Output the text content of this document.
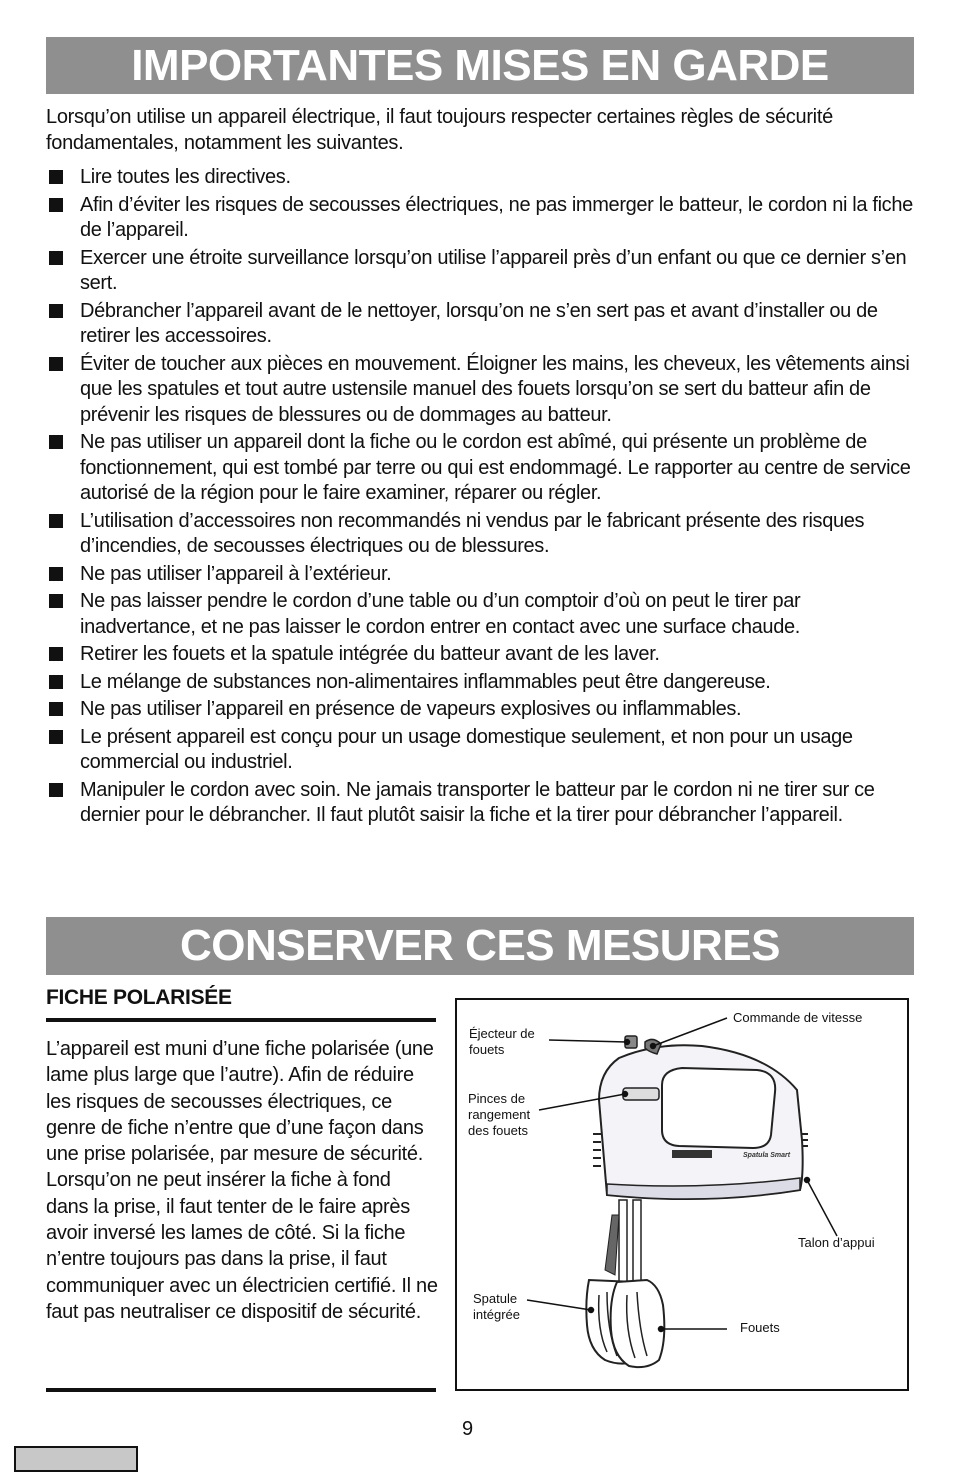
IMPORTANTES MISES EN GARDE
Lorsqu’on utilise un appareil électrique, il faut toujours respecter certaines règles de sécurité fondamentales, notamment les suivantes.
Lire toutes les directives.
Afin d’éviter les risques de secousses électriques, ne pas immerger le batteur, le cordon ni la fiche de l’appareil.
Exercer une étroite surveillance lorsqu’on utilise l’appareil près d’un enfant ou que ce dernier s’en sert.
Débrancher l’appareil avant de le nettoyer, lorsqu’on ne s’en sert pas et avant d’installer ou de retirer les accessoires.
Éviter de toucher aux pièces en mouvement. Éloigner les mains, les cheveux, les vêtements ainsi que les spatules et tout autre ustensile manuel des fouets lorsqu’on se sert du batteur afin de prévenir les risques de blessures ou de dommages au batteur.
Ne pas utiliser un appareil dont la fiche ou le cordon est abîmé, qui présente un problème de fonctionnement, qui est tombé par terre ou qui est endommagé. Le rapporter au centre de service autorisé de la région pour le faire examiner, réparer ou régler.
L’utilisation d’accessoires non recommandés ni vendus par le fabricant présente des risques d’incendies, de secousses électriques ou de blessures.
Ne pas utiliser l’appareil à l’extérieur.
Ne pas laisser pendre le cordon d’une table ou d’un comptoir d’où on peut le tirer par inadvertance, et ne pas laisser le cordon entrer en contact avec une surface chaude.
Retirer les fouets et la spatule intégrée du batteur avant de les laver.
Le mélange de substances non-alimentaires inflammables peut être dangereuse.
Ne pas utiliser l’appareil en présence de vapeurs explosives ou inflammables.
Le présent appareil est conçu pour un usage domestique seulement, et non pour un usage commercial ou industriel.
Manipuler le cordon avec soin. Ne jamais transporter le batteur par le cordon ni ne tirer sur ce dernier pour le débrancher. Il faut plutôt saisir la fiche et la tirer pour débrancher l’appareil.
CONSERVER CES MESURES
FICHE POLARISÉE
L’appareil est muni d’une fiche polarisée (une lame plus large que l’autre). Afin de réduire les risques de secousses électriques, ce genre de fiche n’entre que d’une façon dans une prise polarisée, par mesure de sécurité. Lorsqu’on ne peut insérer la fiche à fond dans la prise, il faut tenter de le faire après avoir inversé les lames de côté. Si la fiche n’entre toujours pas dans la prise, il faut communiquer avec un électricien certifié. Il ne faut pas neutraliser ce dispositif de sécurité.
Spatula Smart
Commande de vitesse
Éjecteur de fouets
Pinces de rangement des fouets
Talon d’appui
Spatule intégrée
Fouets
9
